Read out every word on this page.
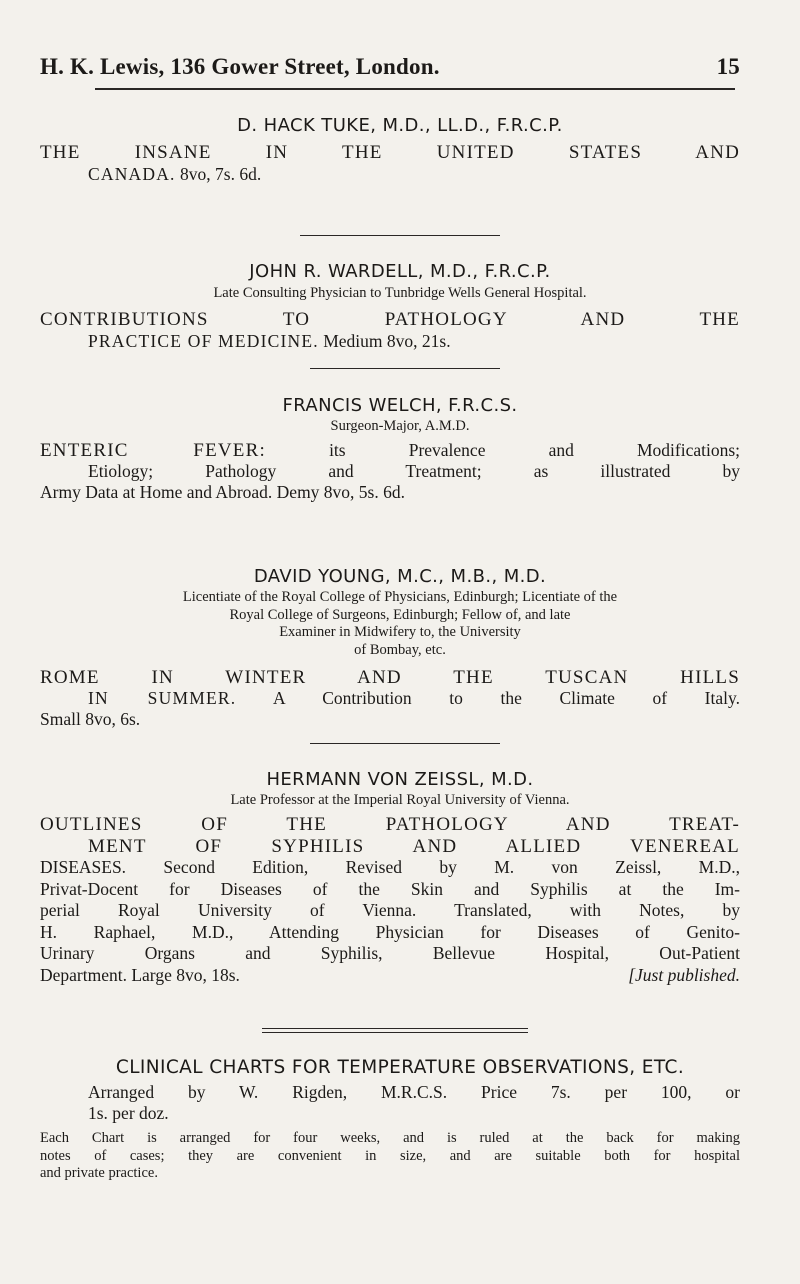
H. K. Lewis, 136 Gower Street, London.	15
D. HACK TUKE, M.D., LL.D., F.R.C.P.
THE INSANE IN THE UNITED STATES AND
CANADA. 8vo, 7s. 6d.
JOHN R. WARDELL, M.D., F.R.C.P.
Late Consulting Physician to Tunbridge Wells General Hospital.
CONTRIBUTIONS TO PATHOLOGY AND THE
PRACTICE OF MEDICINE. Medium 8vo, 21s.
FRANCIS WELCH, F.R.C.S.
Surgeon-Major, A.M.D.
ENTERIC FEVER:	its Prevalence and Modifications;
Etiology; Pathology and Treatment; as illustrated by
Army Data at Home and Abroad. Demy 8vo, 5s. 6d.
DAVID YOUNG, M.C., M.B., M.D.
Licentiate of the Royal College of Physicians, Edinburgh; Licentiate of the
Royal College of Surgeons, Edinburgh; Fellow of, and late
Examiner in Midwifery to, the University
of Bombay, etc.
ROME IN WINTER AND THE TUSCAN HILLS
IN SUMMER. A Contribution to the Climate of Italy.
Small 8vo, 6s.
HERMANN VON ZEISSL, M.D.
Late Professor at the Imperial Royal University of Vienna.
OUTLINES OF THE PATHOLOGY AND TREAT-
MENT OF SYPHILIS AND ALLIED VENEREAL
DISEASES. Second Edition, Revised by M. von Zeissl, M.D.,
Privat-Docent for Diseases of the Skin and Syphilis at the Im-
perial Royal University of Vienna. Translated, with Notes, by
H. Raphael, M.D., Attending Physician for Diseases of Genito-
Urinary Organs and Syphilis, Bellevue Hospital, Out-Patient
Department. Large 8vo, 18s.	[Just published.
CLINICAL CHARTS FOR TEMPERATURE OBSERVATIONS, ETC.
Arranged by W. Rigden, M.R.C.S. Price 7s. per 100, or
1s. per doz.
Each Chart is arranged for four weeks, and is ruled at the back for making
notes of cases; they are convenient in size, and are suitable both for hospital
and private practice.
